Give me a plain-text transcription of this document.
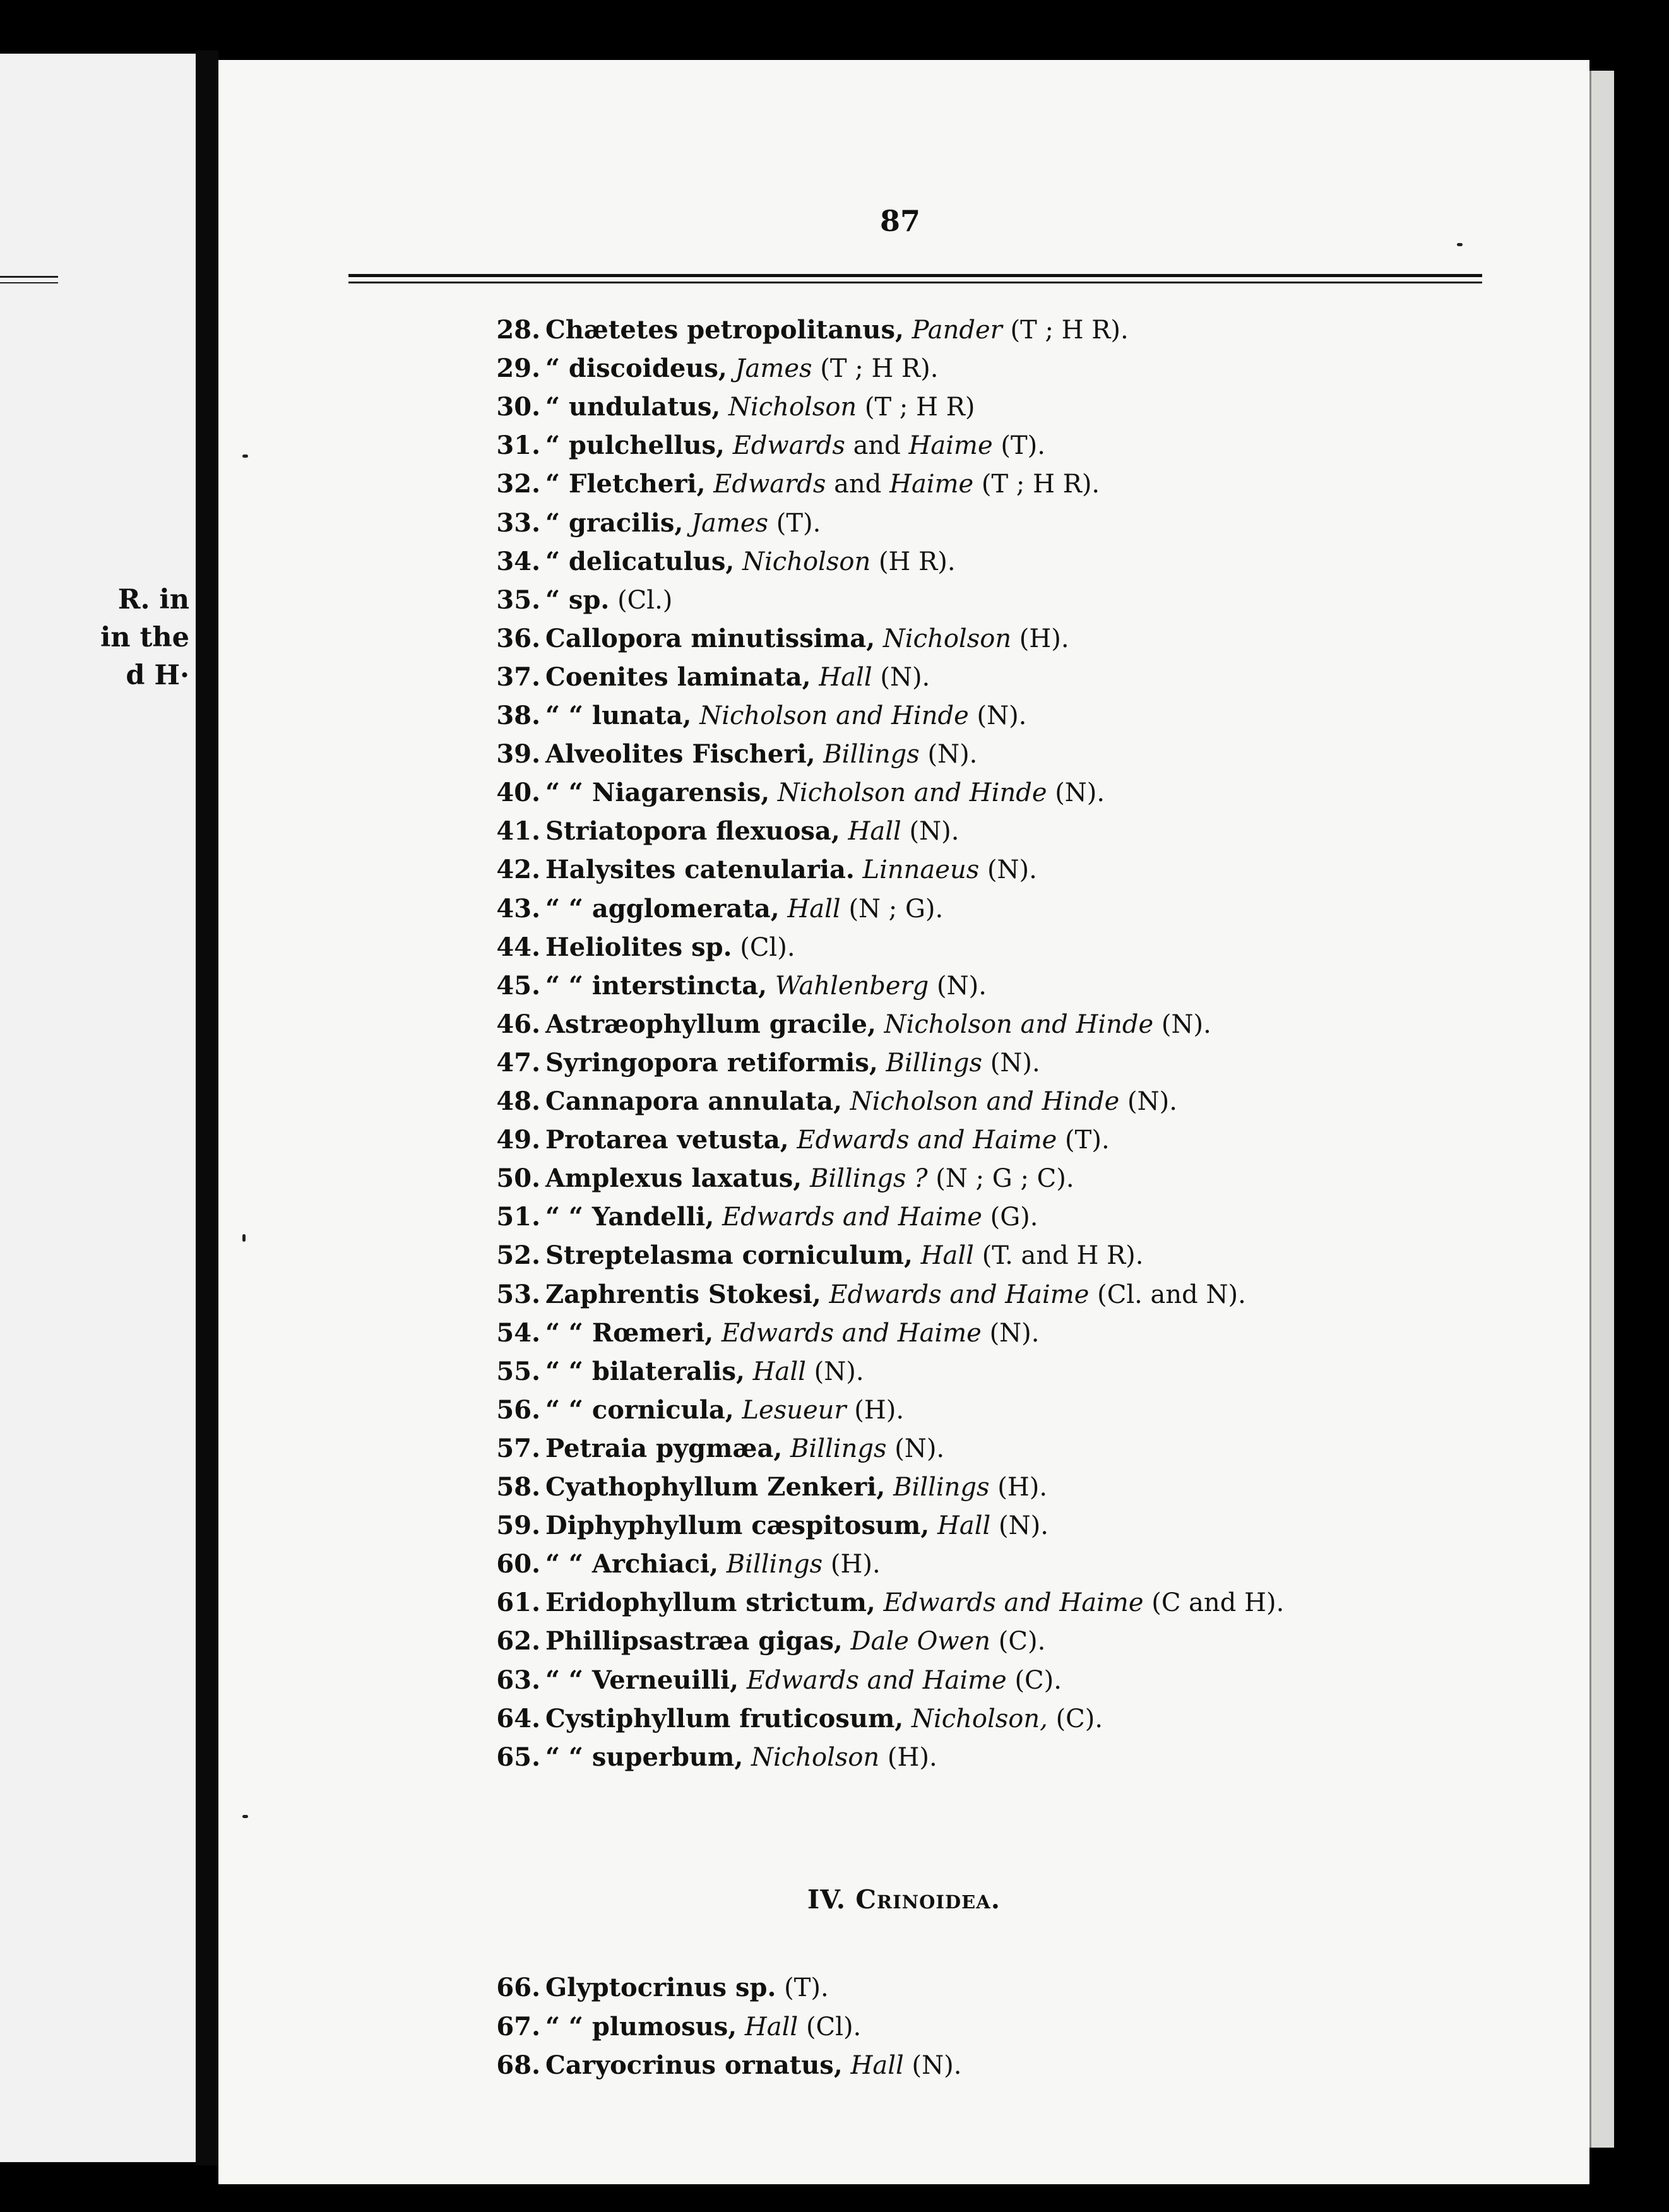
R. in
in the
d H·
87
28. Chætetes petropolitanus, Pander (T ; H R).
29. “ discoideus, James (T ; H R).
30. “ undulatus, Nicholson (T ; H R)
31. “ pulchellus, Edwards and Haime (T).
32. “ Fletcheri, Edwards and Haime (T ; H R).
33. “ gracilis, James (T).
34. “ delicatulus, Nicholson (H R).
35. “ sp. (Cl.)
36. Callopora minutissima, Nicholson (H).
37. Coenites laminata, Hall (N).
38. “ “ lunata, Nicholson and Hinde (N).
39. Alveolites Fischeri, Billings (N).
40. “ “ Niagarensis, Nicholson and Hinde (N).
41. Striatopora flexuosa, Hall (N).
42. Halysites catenularia. Linnaeus (N).
43. “ “ agglomerata, Hall (N ; G).
44. Heliolites sp. (Cl).
45. “ “ interstincta, Wahlenberg (N).
46. Astræophyllum gracile, Nicholson and Hinde (N).
47. Syringopora retiformis, Billings (N).
48. Cannapora annulata, Nicholson and Hinde (N).
49. Protarea vetusta, Edwards and Haime (T).
50. Amplexus laxatus, Billings ? (N ; G ; C).
51. “ “ Yandelli, Edwards and Haime (G).
52. Streptelasma corniculum, Hall (T. and H R).
53. Zaphrentis Stokesi, Edwards and Haime (Cl. and N).
54. “ “ Rœmeri, Edwards and Haime (N).
55. “ “ bilateralis, Hall (N).
56. “ “ cornicula, Lesueur (H).
57. Petraia pygmæa, Billings (N).
58. Cyathophyllum Zenkeri, Billings (H).
59. Diphyphyllum cæspitosum, Hall (N).
60. “ “ Archiaci, Billings (H).
61. Eridophyllum strictum, Edwards and Haime (C and H).
62. Phillipsastræa gigas, Dale Owen (C).
63. “ “ Verneuilli, Edwards and Haime (C).
64. Cystiphyllum fruticosum, Nicholson, (C).
65. “ “ superbum, Nicholson (H).
IV. Crinoidea.
66. Glyptocrinus sp. (T).
67. “ “ plumosus, Hall (Cl).
68. Caryocrinus ornatus, Hall (N).
